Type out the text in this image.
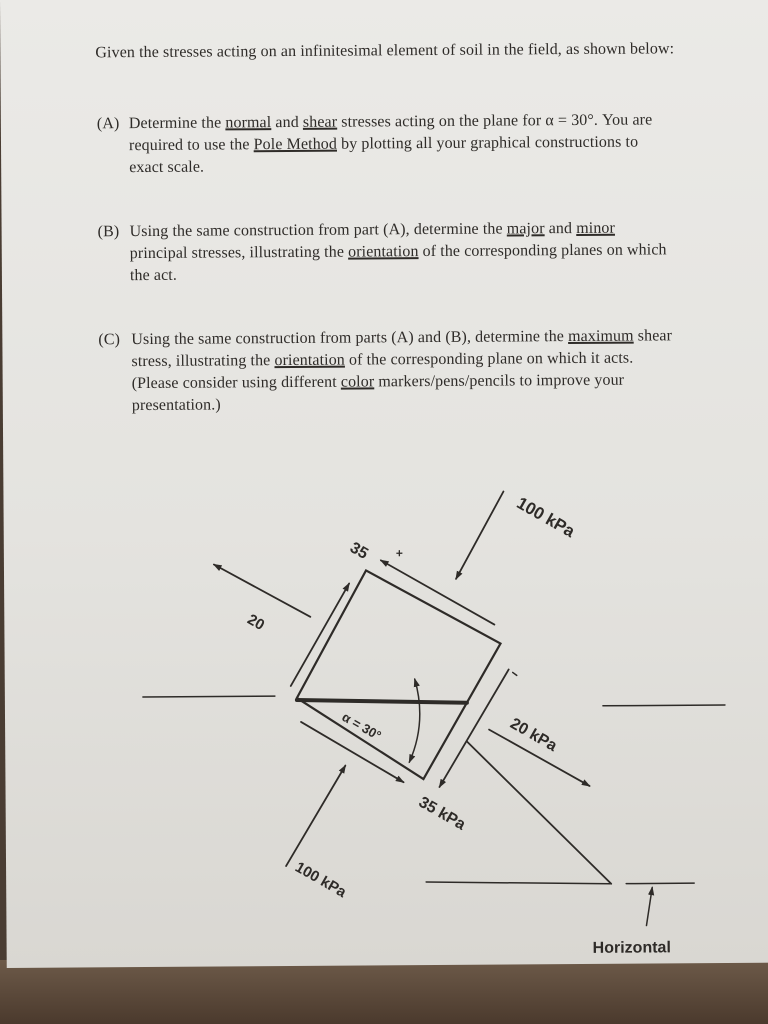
Given the stresses acting on an infinitesimal element of soil in the field, as shown below:

(A) Determine the normal and shear stresses acting on the plane for α = 30°. You are

required to use the Pole Method by plotting all your graphical constructions to

exact scale.

(B) Using the same construction from part (A), determine the major and minor

principal stresses, illustrating the orientation of the corresponding planes on which

the act.

(C) Using the same construction from parts (A) and (B), determine the maximum shear

stress, illustrating the orientation of the corresponding plane on which it acts.

(Please consider using different color markers/pens/pencils to improve your

presentation.)

100 kPa
100 kPa
20 kPa
35 kPa
20
35 +
α = 30°
Horizontal
